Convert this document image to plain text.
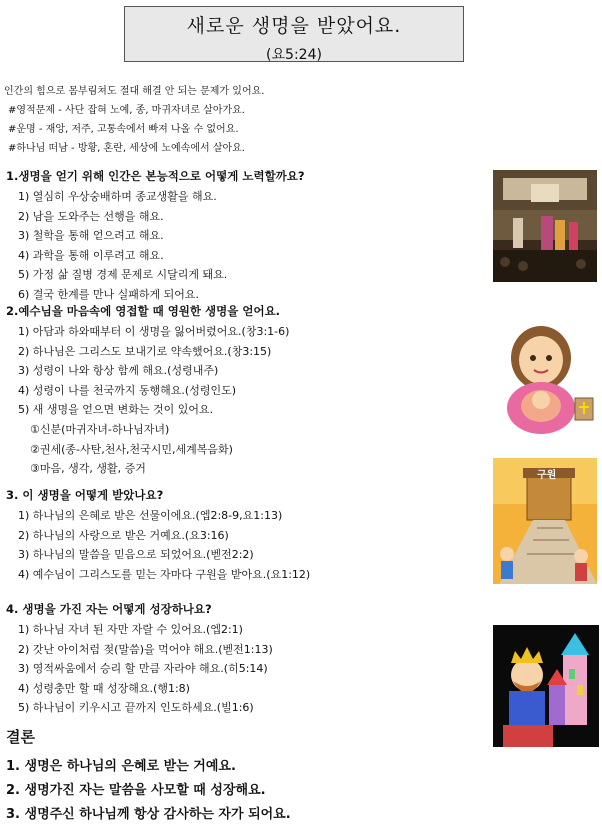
새로운 생명을 받았어요.
(요5:24)
인간의 힘으로 몸부림쳐도 절대 해결 안 되는 문제가 있어요.
#영적문제 - 사단 잡혀 노예, 종, 마귀자녀로 살아가요.
#운명 - 재앙, 저주, 고통속에서 빠져 나올 수 없어요.
#하나님 떠남 - 방황, 혼란, 세상에 노예속에서 살아요.
1.생명을 얻기 위해 인간은 본능적으로 어떻게 노력할까요?
1) 열심히 우상숭배하며 종교생활을 해요.
2) 남을 도와주는 선행을 해요.
3) 철학을 통해 얻으려고 해요.
4) 과학을 통해 이루려고 해요.
5) 가정 삶 질병 경제 문제로 시달리게 돼요.
6) 결국 한계를 만나 실패하게 되어요.
2.예수님을 마음속에 영접할 때 영원한 생명을 얻어요.
1) 아담과 하와때부터 이 생명을 잃어버렸어요.(창3:1-6)
2) 하나님은 그리스도 보내기로 약속했어요.(창3:15)
3) 성령이 나와 항상 함께 해요.(성령내주)
4) 성령이 나를 천국까지 동행해요.(성령인도)
5) 새 생명을 얻으면 변화는 것이 있어요.
①신분(마귀자녀-하나님자녀)
②권세(종-사탄,천사,천국시민,세계복음화)
③마음, 생각, 생활, 증거
3. 이 생명을 어떻게 받았나요?
1) 하나님의 은혜로 받은 선물이에요.(엡2:8-9,요1:13)
2) 하나님의 사랑으로 받은 거예요.(요3:16)
3) 하나님의 말씀을 믿음으로 되었어요.(벧전2:2)
4) 예수님이 그리스도를 믿는 자마다 구원을 받아요.(요1:12)
4. 생명을 가진 자는 어떻게 성장하나요?
1) 하나님 자녀 된 자만 자랄 수 있어요.(엡2:1)
2) 갓난 아이처럼 젖(말씀)을 먹어야 해요.(벧전1:13)
3) 영적싸움에서 승리 할 만큼 자라야 해요.(히5:14)
4) 성령충만 할 때 성장해요.(행1:8)
5) 하나님이 키우시고 끝까지 인도하세요.(빌1:6)
결론
1. 생명은 하나님의 은혜로 받는 거예요.
2. 생명가진 자는 말씀을 사모할 때 성장해요.
3. 생명주신 하나님께 항상 감사하는 자가 되어요.
구원
